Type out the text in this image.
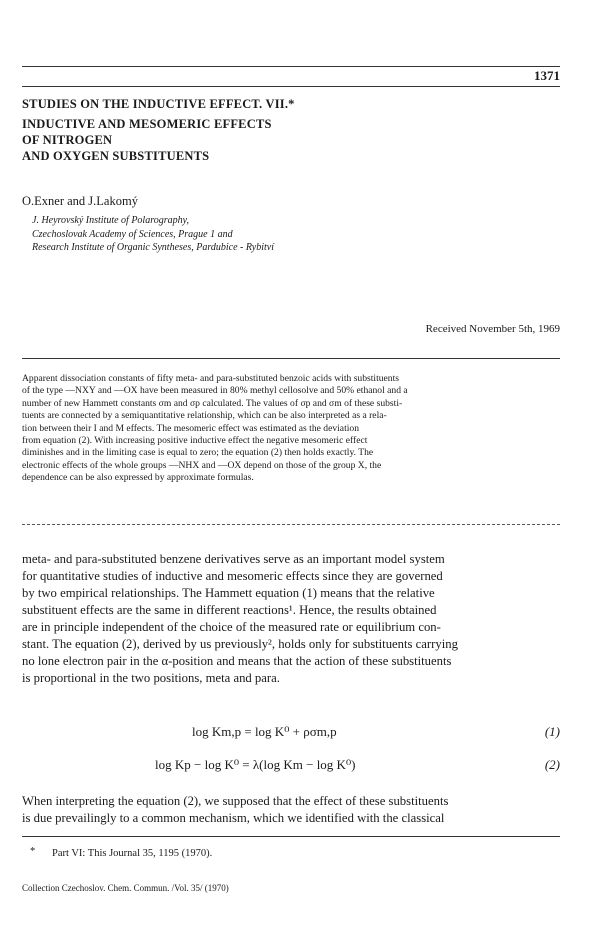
1371
STUDIES ON THE INDUCTIVE EFFECT. VII.*
INDUCTIVE AND MESOMERIC EFFECTS
OF NITROGEN
AND OXYGEN SUBSTITUENTS
O.Exner and J.Lakomý
J. Heyrovský Institute of Polarography,
Czechoslovak Academy of Sciences, Prague 1 and
Research Institute of Organic Syntheses, Pardubice - Rybitví
Received November 5th, 1969
Apparent dissociation constants of fifty meta- and para-substituted benzoic acids with substituents
of the type —NXY and —OX have been measured in 80% methyl cellosolve and 50% ethanol and a
number of new Hammett constants σm and σp calculated. The values of σp and σm of these substi-
tuents are connected by a semiquantitative relationship, which can be also interpreted as a rela-
tion between their I and M effects. The mesomeric effect was estimated as the deviation
from equation (2). With increasing positive inductive effect the negative mesomeric effect
diminishes and in the limiting case is equal to zero; the equation (2) then holds exactly. The
electronic effects of the whole groups —NHX and —OX depend on those of the group X, the
dependence can be also expressed by approximate formulas.
meta- and para-substituted benzene derivatives serve as an important model system
for quantitative studies of inductive and mesomeric effects since they are governed
by two empirical relationships. The Hammett equation (1) means that the relative
substituent effects are the same in different reactions¹. Hence, the results obtained
are in principle independent of the choice of the measured rate or equilibrium con-
stant. The equation (2), derived by us previously², holds only for substituents carrying
no lone electron pair in the α-position and means that the action of these substituents
is proportional in the two positions, meta and para.
log Km,p = log K⁰ + ρσm,p	(1)
log Kp − log K⁰ = λ(log Km − log K⁰)	(2)
When interpreting the equation (2), we supposed that the effect of these substituents
is due prevailingly to a common mechanism, which we identified with the classical
* Part VI: This Journal 35, 1195 (1970).
Collection Czechoslov. Chem. Commun. /Vol. 35/ (1970)
